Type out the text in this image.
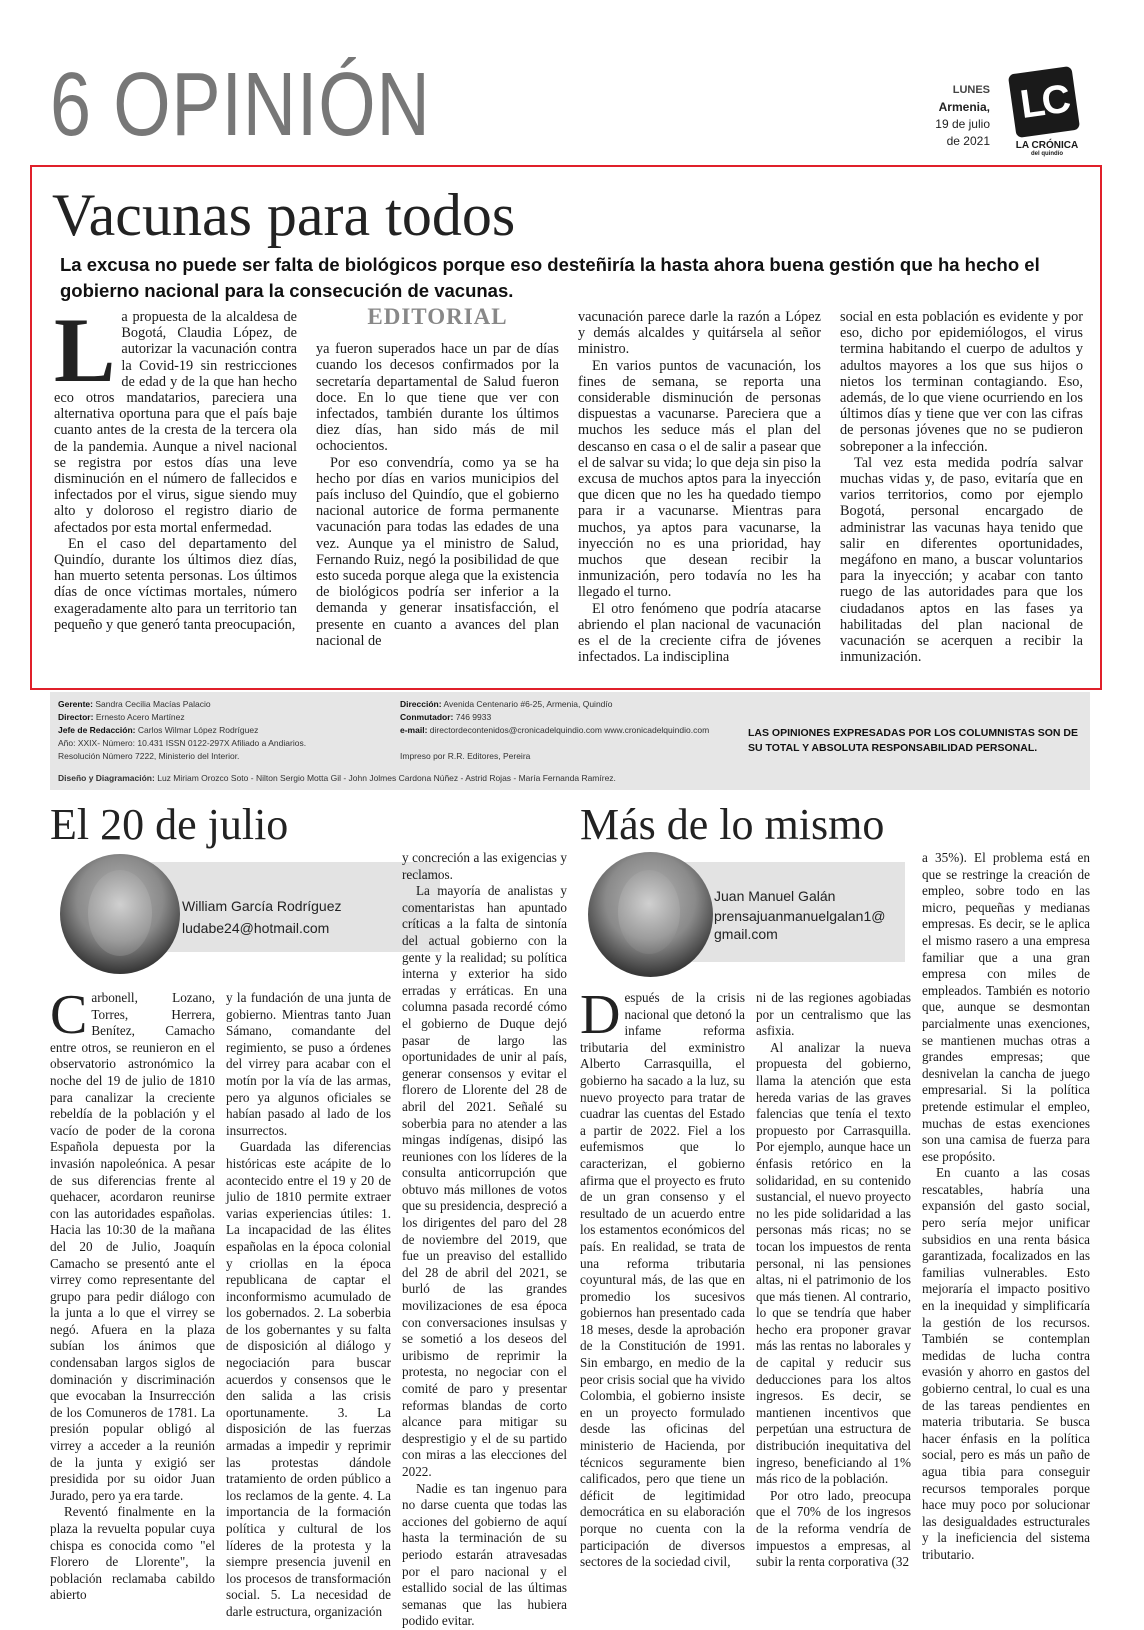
6 OPINIÓN	LUNES
Armenia,
19 de julio
de 2021
LC
LA CRÓNICA
del quindío
Vacunas para todos
La excusa no puede ser falta de biológicos porque eso desteñiría la hasta ahora buena gestión que ha hecho el gobierno nacional para la consecución de vacunas.
L a propuesta de la alcaldesa de Bogotá, Claudia López, de autorizar la vacunación contra la Covid-19 sin restricciones de edad y de la que han hecho eco otros mandatarios, pareciera una alternativa oportuna para que el país baje cuanto antes de la cresta de la tercera ola de la pandemia. Aunque a nivel nacional se registra por estos días una leve disminución en el número de fallecidos e infectados por el virus, sigue siendo muy alto y doloroso el registro diario de afectados por esta mortal enfermedad.

En el caso del departamento del Quindío, durante los últimos diez días, han muerto setenta personas. Los últimos días de once víctimas mortales, número exageradamente alto para un territorio tan pequeño y que generó tanta preocupación,

EDITORIAL

ya fueron superados hace un par de días cuando los decesos confirmados por la secretaría departamental de Salud fueron doce. En lo que tiene que ver con infectados, también durante los últimos diez días, han sido más de mil ochocientos.

Por eso convendría, como ya se ha hecho por días en varios municipios del país incluso del Quindío, que el gobierno nacional autorice de forma permanente vacunación para todas las edades de una vez. Aunque ya el ministro de Salud, Fernando Ruiz, negó la posibilidad de que esto suceda porque alega que la existencia de biológicos podría ser inferior a la demanda y generar insatisfacción, el presente en cuanto a avances del plan nacional de

vacunación parece darle la razón a López y demás alcaldes y quitársela al señor ministro.

En varios puntos de vacunación, los fines de semana, se reporta una considerable disminución de personas dispuestas a vacunarse. Pareciera que a muchos les seduce más el plan del descanso en casa o el de salir a pasear que el de salvar su vida; lo que deja sin piso la excusa de muchos aptos para la inyección que dicen que no les ha quedado tiempo para ir a vacunarse. Mientras para muchos, ya aptos para vacunarse, la inyección no es una prioridad, hay muchos que desean recibir la inmunización, pero todavía no les ha llegado el turno.

El otro fenómeno que podría atacarse abriendo el plan nacional de vacunación es el de la creciente cifra de jóvenes infectados. La indisciplina

social en esta población es evidente y por eso, dicho por epidemiólogos, el virus termina habitando el cuerpo de adultos y adultos mayores a los que sus hijos o nietos los terminan contagiando. Eso, además, de lo que viene ocurriendo en los últimos días y tiene que ver con las cifras de personas jóvenes que no se pudieron sobreponer a la infección.

Tal vez esta medida podría salvar muchas vidas y, de paso, evitaría que en varios territorios, como por ejemplo Bogotá, personal encargado de administrar las vacunas haya tenido que salir en diferentes oportunidades, megáfono en mano, a buscar voluntarios para la inyección; y acabar con tanto ruego de las autoridades para que los ciudadanos aptos en las fases ya habilitadas del plan nacional de vacunación se acerquen a recibir la inmunización.

Gerente: Sandra Cecilia Macías Palacio
Director: Ernesto Acero Martínez
Jefe de Redacción: Carlos Wilmar López Rodríguez
Año: XXIX- Número: 10.431 ISSN 0122-297X Afiliado a Andiarios.
Resolución Número 7222, Ministerio del Interior.
Dirección: Avenida Centenario #6-25, Armenia, Quindío
Conmutador: 746 9933
e-mail: directordecontenidos@cronicadelquindio.com www.cronicadelquindio.com
Impreso por R.R. Editores, Pereira
LAS OPINIONES EXPRESADAS POR LOS COLUMNISTAS SON DE SU TOTAL Y ABSOLUTA RESPONSABILIDAD PERSONAL.
Diseño y Diagramación: Luz Miriam Orozco Soto - Nilton Sergio Motta Gil - John Jolmes Cardona Núñez - Astrid Rojas - María Fernanda Ramírez.
El 20 de julio
William García Rodríguez
ludabe24@hotmail.com
C arbonell, Lozano, Torres, Herrera, Benítez, Camacho entre otros, se reunieron en el observatorio astronómico la noche del 19 de julio de 1810 para canalizar la creciente rebeldía de la población y el vacío de poder de la corona Española depuesta por la invasión napoleónica. A pesar de sus diferencias frente al quehacer, acordaron reunirse con las autoridades españolas. Hacia las 10:30 de la mañana del 20 de Julio, Joaquín Camacho se presentó ante el virrey como representante del grupo para pedir diálogo con la junta a lo que el virrey se negó. Afuera en la plaza subían los ánimos que condensaban largos siglos de dominación y discriminación que evocaban la Insurrección de los Comuneros de 1781. La presión popular obligó al virrey a acceder a la reunión de la junta y exigió ser presidida por su oidor Juan Jurado, pero ya era tarde.

Reventó finalmente en la plaza la revuelta popular cuya chispa es conocida como "el Florero de Llorente", la población reclamaba cabildo abierto

y la fundación de una junta de gobierno. Mientras tanto Juan Sámano, comandante del regimiento, se puso a órdenes del virrey para acabar con el motín por la vía de las armas, pero ya algunos oficiales se habían pasado al lado de los insurrectos.

Guardada las diferencias históricas este acápite de lo acontecido entre el 19 y 20 de julio de 1810 permite extraer varias experiencias útiles: 1. La incapacidad de las élites españolas en la época colonial y criollas en la época republicana de captar el inconformismo acumulado de los gobernados. 2. La soberbia de los gobernantes y su falta de disposición al diálogo y negociación para buscar acuerdos y consensos que le den salida a las crisis oportunamente. 3. La disposición de las fuerzas armadas a impedir y reprimir las protestas dándole tratamiento de orden público a los reclamos de la gente. 4. La importancia de la formación política y cultural de los líderes de la protesta y la siempre presencia juvenil en los procesos de transformación social. 5. La necesidad de darle estructura, organización

y concreción a las exigencias y reclamos.

La mayoría de analistas y comentaristas han apuntado críticas a la falta de sintonía del actual gobierno con la gente y la realidad; su política interna y exterior ha sido erradas y erráticas. En una columna pasada recordé cómo el gobierno de Duque dejó pasar de largo las oportunidades de unir al país, generar consensos y evitar el florero de Llorente del 28 de abril del 2021. Señalé su soberbia para no atender a las mingas indígenas, disipó las reuniones con los líderes de la consulta anticorrupción que obtuvo más millones de votos que su presidencia, despreció a los dirigentes del paro del 28 de noviembre del 2019, que fue un preaviso del estallido del 28 de abril del 2021, se burló de las grandes movilizaciones de esa época con conversaciones insulsas y se sometió a los deseos del uribismo de reprimir la protesta, no negociar con el comité de paro y presentar reformas blandas de corto alcance para mitigar su desprestigio y el de su partido con miras a las elecciones del 2022.

Nadie es tan ingenuo para no darse cuenta que todas las acciones del gobierno de aquí hasta la terminación de su periodo estarán atravesadas por el paro nacional y el estallido social de las últimas semanas que las hubiera podido evitar.

Más de lo mismo
Juan Manuel Galán
prensajuanmanuelgalan1@
gmail.com
D espués de la crisis nacional que detonó la infame reforma tributaria del exministro Alberto Carrasquilla, el gobierno ha sacado a la luz, su nuevo proyecto para tratar de cuadrar las cuentas del Estado a partir de 2022. Fiel a los eufemismos que lo caracterizan, el gobierno afirma que el proyecto es fruto de un gran consenso y el resultado de un acuerdo entre los estamentos económicos del país. En realidad, se trata de una reforma tributaria coyuntural más, de las que en promedio los sucesivos gobiernos han presentado cada 18 meses, desde la aprobación de la Constitución de 1991. Sin embargo, en medio de la peor crisis social que ha vivido Colombia, el gobierno insiste en un proyecto formulado desde las oficinas del ministerio de Hacienda, por técnicos seguramente bien calificados, pero que tiene un déficit de legitimidad democrática en su elaboración porque no cuenta con la participación de diversos sectores de la sociedad civil,

ni de las regiones agobiadas por un centralismo que las asfixia.

Al analizar la nueva propuesta del gobierno, llama la atención que esta hereda varias de las graves falencias que tenía el texto propuesto por Carrasquilla. Por ejemplo, aunque hace un énfasis retórico en la solidaridad, en su contenido sustancial, el nuevo proyecto no les pide solidaridad a las personas más ricas; no se tocan los impuestos de renta personal, ni las pensiones altas, ni el patrimonio de los que más tienen. Al contrario, lo que se tendría que haber hecho era proponer gravar más las rentas no laborales y de capital y reducir sus deducciones para los altos ingresos. Es decir, se mantienen incentivos que perpetúan una estructura de distribución inequitativa del ingreso, beneficiando al 1% más rico de la población.

Por otro lado, preocupa que el 70% de los ingresos de la reforma vendría de impuestos a empresas, al subir la renta corporativa (32

a 35%). El problema está en que se restringe la creación de empleo, sobre todo en las micro, pequeñas y medianas empresas. Es decir, se le aplica el mismo rasero a una empresa familiar que a una gran empresa con miles de empleados. También es notorio que, aunque se desmontan parcialmente unas exenciones, se mantienen muchas otras a grandes empresas; que desnivelan la cancha de juego empresarial. Si la política pretende estimular el empleo, muchas de estas exenciones son una camisa de fuerza para ese propósito.

En cuanto a las cosas rescatables, habría una expansión del gasto social, pero sería mejor unificar subsidios en una renta básica garantizada, focalizados en las familias vulnerables. Esto mejoraría el impacto positivo en la inequidad y simplificaría la gestión de los recursos. También se contemplan medidas de lucha contra evasión y ahorro en gastos del gobierno central, lo cual es una de las tareas pendientes en materia tributaria. Se busca hacer énfasis en la política social, pero es más un paño de agua tibia para conseguir recursos temporales porque hace muy poco por solucionar las desigualdades estructurales y la ineficiencia del sistema tributario.
